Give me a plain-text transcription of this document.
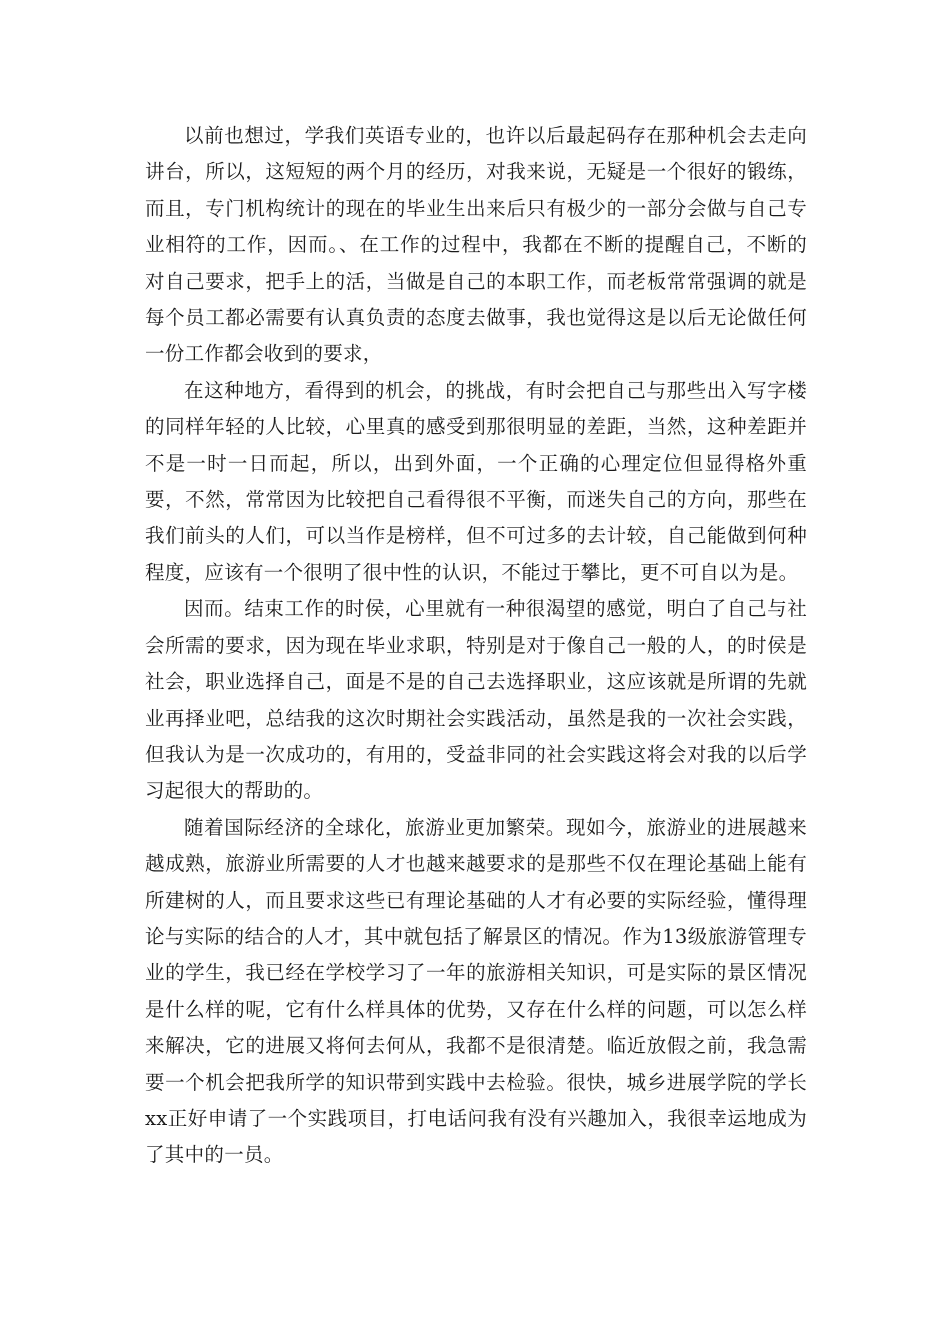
以前也想过，学我们英语专业的，也许以后最起码存在那种机会去走向讲台，所以，这短短的两个月的经历，对我来说，无疑是一个很好的锻练，而且，专门机构统计的现在的毕业生出来后只有极少的一部分会做与自己专业相符的工作，因而。、在工作的过程中，我都在不断的提醒自己，不断的对自己要求，把手上的活，当做是自己的本职工作，而老板常常强调的就是每个员工都必需要有认真负责的态度去做事，我也觉得这是以后无论做任何一份工作都会收到的要求，

在这种地方，看得到的机会，的挑战，有时会把自己与那些出入写字楼的同样年轻的人比较，心里真的感受到那很明显的差距，当然，这种差距并不是一时一日而起，所以，出到外面，一个正确的心理定位但显得格外重要，不然，常常因为比较把自己看得很不平衡，而迷失自己的方向，那些在我们前头的人们，可以当作是榜样，但不可过多的去计较，自己能做到何种程度，应该有一个很明了很中性的认识，不能过于攀比，更不可自以为是。

因而。结束工作的时侯，心里就有一种很渴望的感觉，明白了自己与社会所需的要求，因为现在毕业求职，特别是对于像自己一般的人，的时侯是社会，职业选择自己，面是不是的自己去选择职业，这应该就是所谓的先就业再择业吧，总结我的这次时期社会实践活动，虽然是我的一次社会实践，但我认为是一次成功的，有用的，受益非同的社会实践这将会对我的以后学习起很大的帮助的。

随着国际经济的全球化，旅游业更加繁荣。现如今，旅游业的进展越来越成熟，旅游业所需要的人才也越来越要求的是那些不仅在理论基础上能有所建树的人，而且要求这些已有理论基础的人才有必要的实际经验，懂得理论与实际的结合的人才，其中就包括了解景区的情况。作为13级旅游管理专业的学生，我已经在学校学习了一年的旅游相关知识，可是实际的景区情况是什么样的呢，它有什么样具体的优势，又存在什么样的问题，可以怎么样来解决，它的进展又将何去何从，我都不是很清楚。临近放假之前，我急需要一个机会把我所学的知识带到实践中去检验。很快，城乡进展学院的学长xx正好申请了一个实践项目，打电话问我有没有兴趣加入，我很幸运地成为了其中的一员。
